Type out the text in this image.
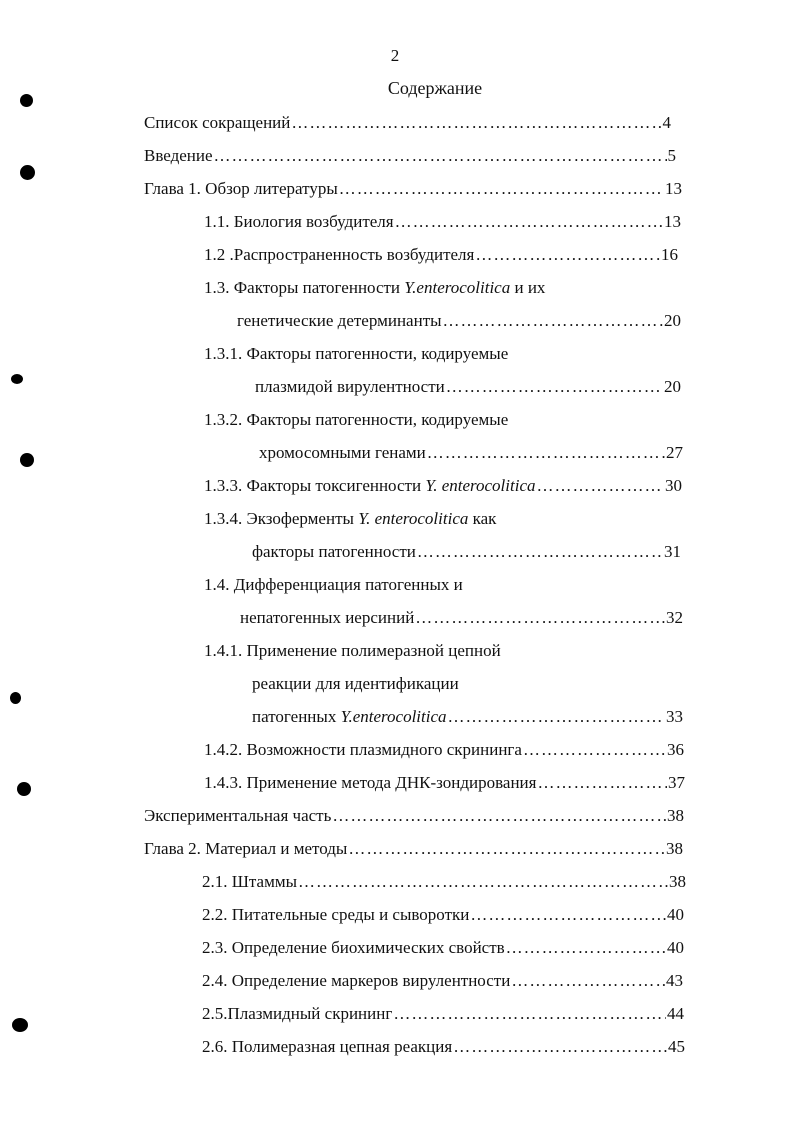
2
Содержание
Список сокращений ………………………………………………………………………………………………………………………………………………………………………………………	4
Введение ………………………………………………………………………………………………………………………………………………………………………………………	5
Глава 1. Обзор литературы ………………………………………………………………………………………………………………………………………………………………………………………	13
1.1. Биология возбудителя ………………………………………………………………………………………………………………………………………………………………………………………	13
1.2 .Распространенность возбудителя ………………………………………………………………………………………………………………………………………………………………………………………	16
1.3. Факторы патогенности Y.enterocolitica и их
генетические детерминанты ………………………………………………………………………………………………………………………………………………………………………………………	20
1.3.1. Факторы патогенности, кодируемые
плазмидой вирулентности ………………………………………………………………………………………………………………………………………………………………………………………	20
1.3.2. Факторы патогенности, кодируемые
хромосомными генами ………………………………………………………………………………………………………………………………………………………………………………………	27
1.3.3. Факторы токсигенности Y. enterocolitica ………………………………………………………………………………………………………………………………………………………………………………………	30
1.3.4. Экзоферменты Y. enterocolitica как
факторы патогенности ………………………………………………………………………………………………………………………………………………………………………………………	31
1.4. Дифференциация патогенных и
непатогенных иерсиний ………………………………………………………………………………………………………………………………………………………………………………………	32
1.4.1. Применение полимеразной цепной
реакции для идентификации
патогенных Y.enterocolitica ………………………………………………………………………………………………………………………………………………………………………………………	33
1.4.2. Возможности плазмидного скрининга ………………………………………………………………………………………………………………………………………………………………………………………	36
1.4.3. Применение метода ДНК-зондирования ………………………………………………………………………………………………………………………………………………………………………………………	37
Экспериментальная часть ………………………………………………………………………………………………………………………………………………………………………………………	38
Глава 2. Материал и методы ………………………………………………………………………………………………………………………………………………………………………………………	38
2.1. Штаммы ………………………………………………………………………………………………………………………………………………………………………………………	38
2.2. Питательные среды и сыворотки ………………………………………………………………………………………………………………………………………………………………………………………	40
2.3. Определение биохимических свойств ………………………………………………………………………………………………………………………………………………………………………………………	40
2.4. Определение маркеров вирулентности ………………………………………………………………………………………………………………………………………………………………………………………	43
2.5.Плазмидный скрининг ………………………………………………………………………………………………………………………………………………………………………………………	44
2.6. Полимеразная цепная реакция ………………………………………………………………………………………………………………………………………………………………………………………	45
